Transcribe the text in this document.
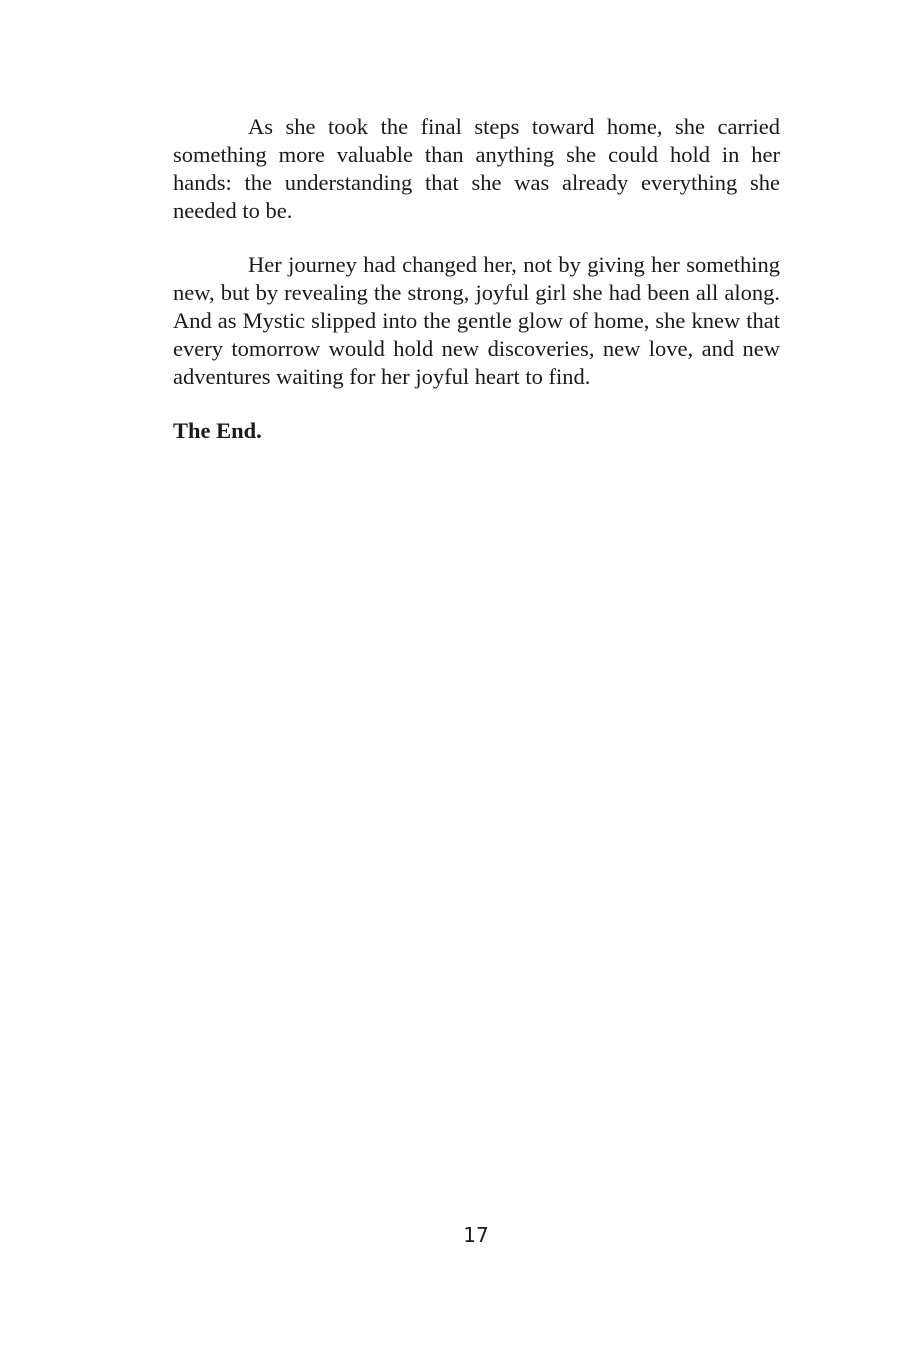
As she took the final steps toward home, she carried something more valuable than anything she could hold in her hands: the understanding that she was already everything she needed to be.

Her journey had changed her, not by giving her something new, but by revealing the strong, joyful girl she had been all along. And as Mystic slipped into the gentle glow of home, she knew that every tomorrow would hold new discoveries, new love, and new adventures waiting for her joyful heart to find.

The End.

17
